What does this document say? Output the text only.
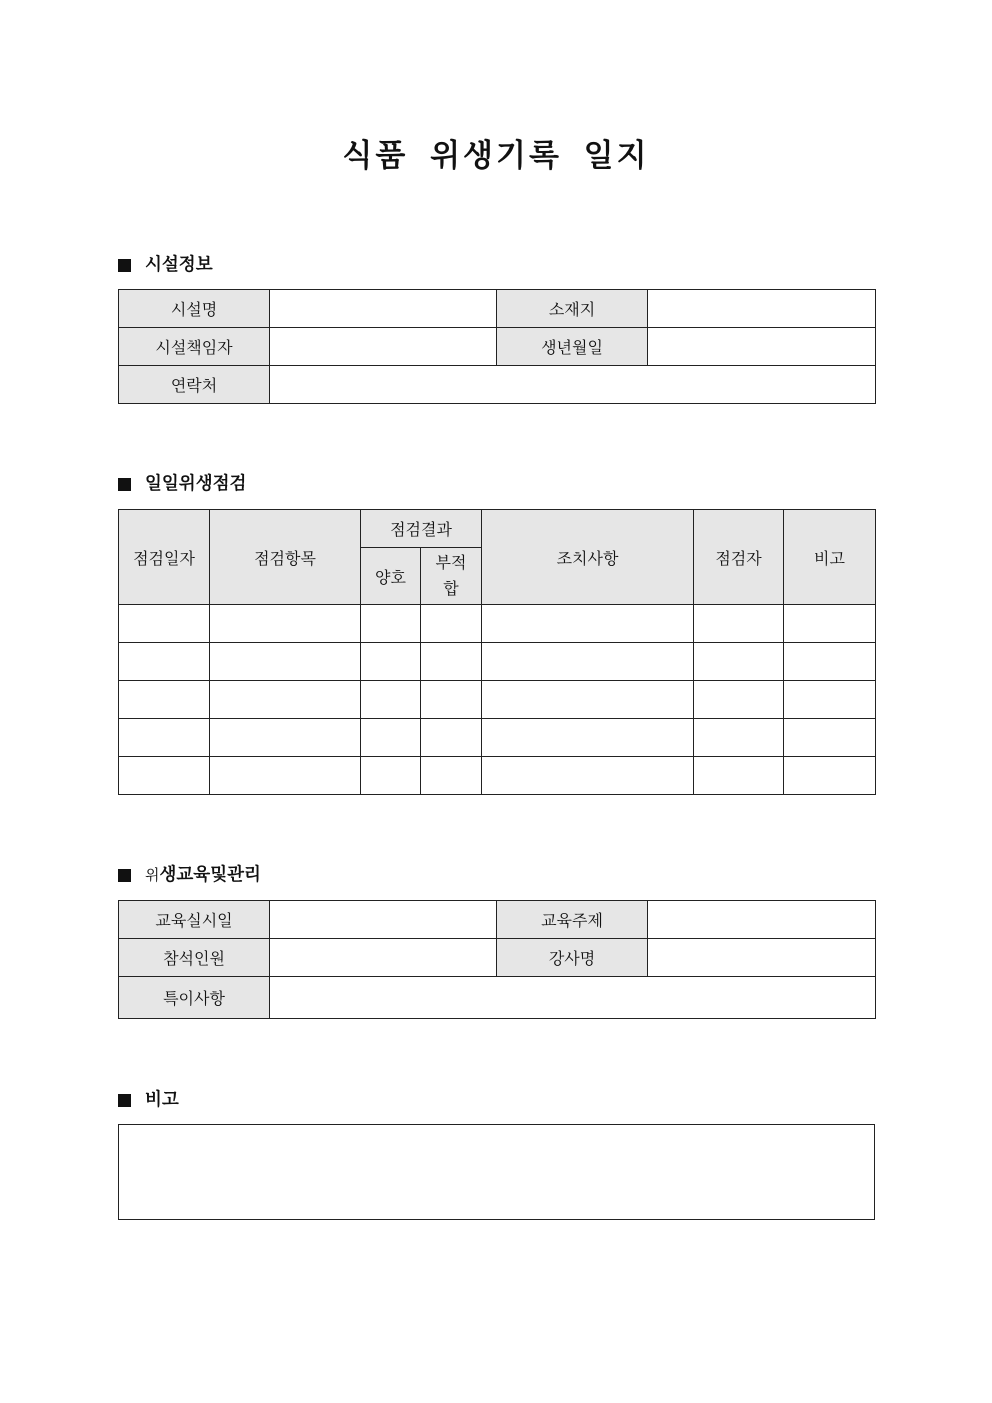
식품 위생기록 일지
시설정보
시설명		소재지	
시설책임자		생년월일	
연락처			
일일위생점검
점검일자	점검항목	점검결과		조치사항	점검자	비고
		양호	부적
합			

위 생교육및관리
교육실시일		교육주제	
참석인원		강사명	
특이사항			
비고
